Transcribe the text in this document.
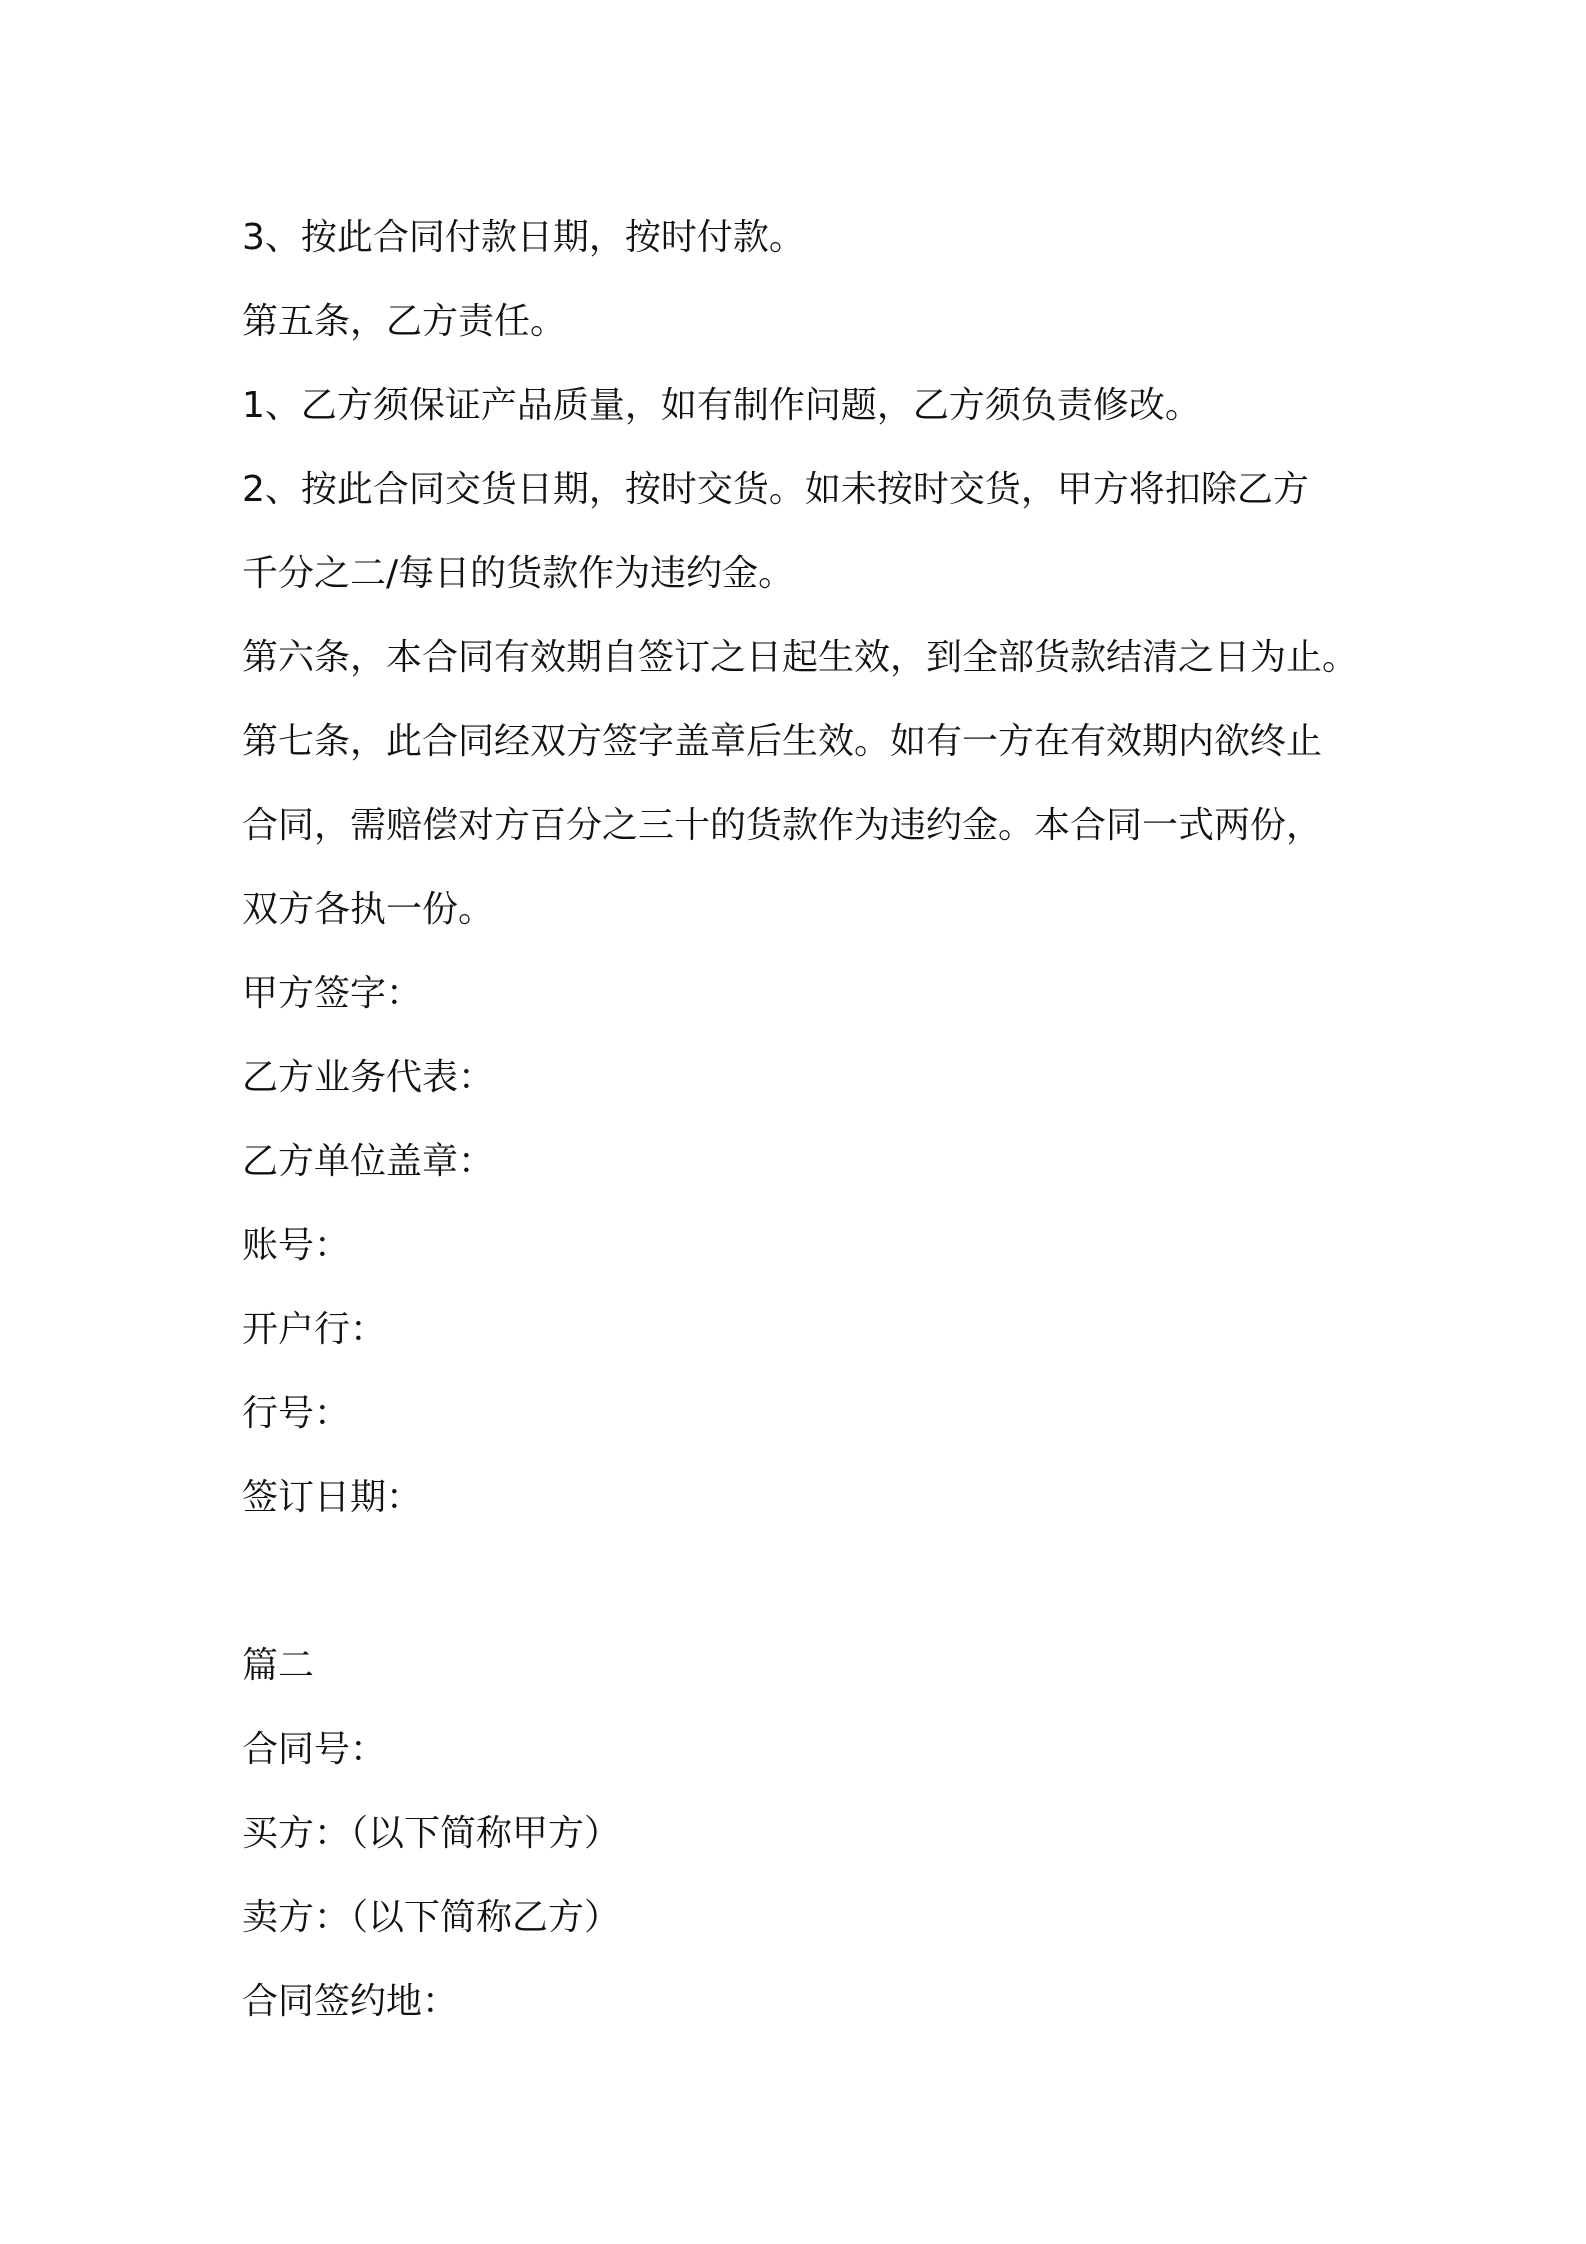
3、按此合同付款日期，按时付款。
第五条，乙方责任。
1、乙方须保证产品质量，如有制作问题，乙方须负责修改。
2、按此合同交货日期，按时交货。如未按时交货，甲方将扣除乙方
千分之二/每日的货款作为违约金。
第六条，本合同有效期自签订之日起生效，到全部货款结清之日为止。
第七条，此合同经双方签字盖章后生效。如有一方在有效期内欲终止
合同，需赔偿对方百分之三十的货款作为违约金。本合同一式两份，
双方各执一份。
甲方签字：
乙方业务代表：
乙方单位盖章：
账号：
开户行：
行号：
签订日期：
篇二
合同号：
买方：（以下简称甲方）
卖方：（以下简称乙方）
合同签约地：
